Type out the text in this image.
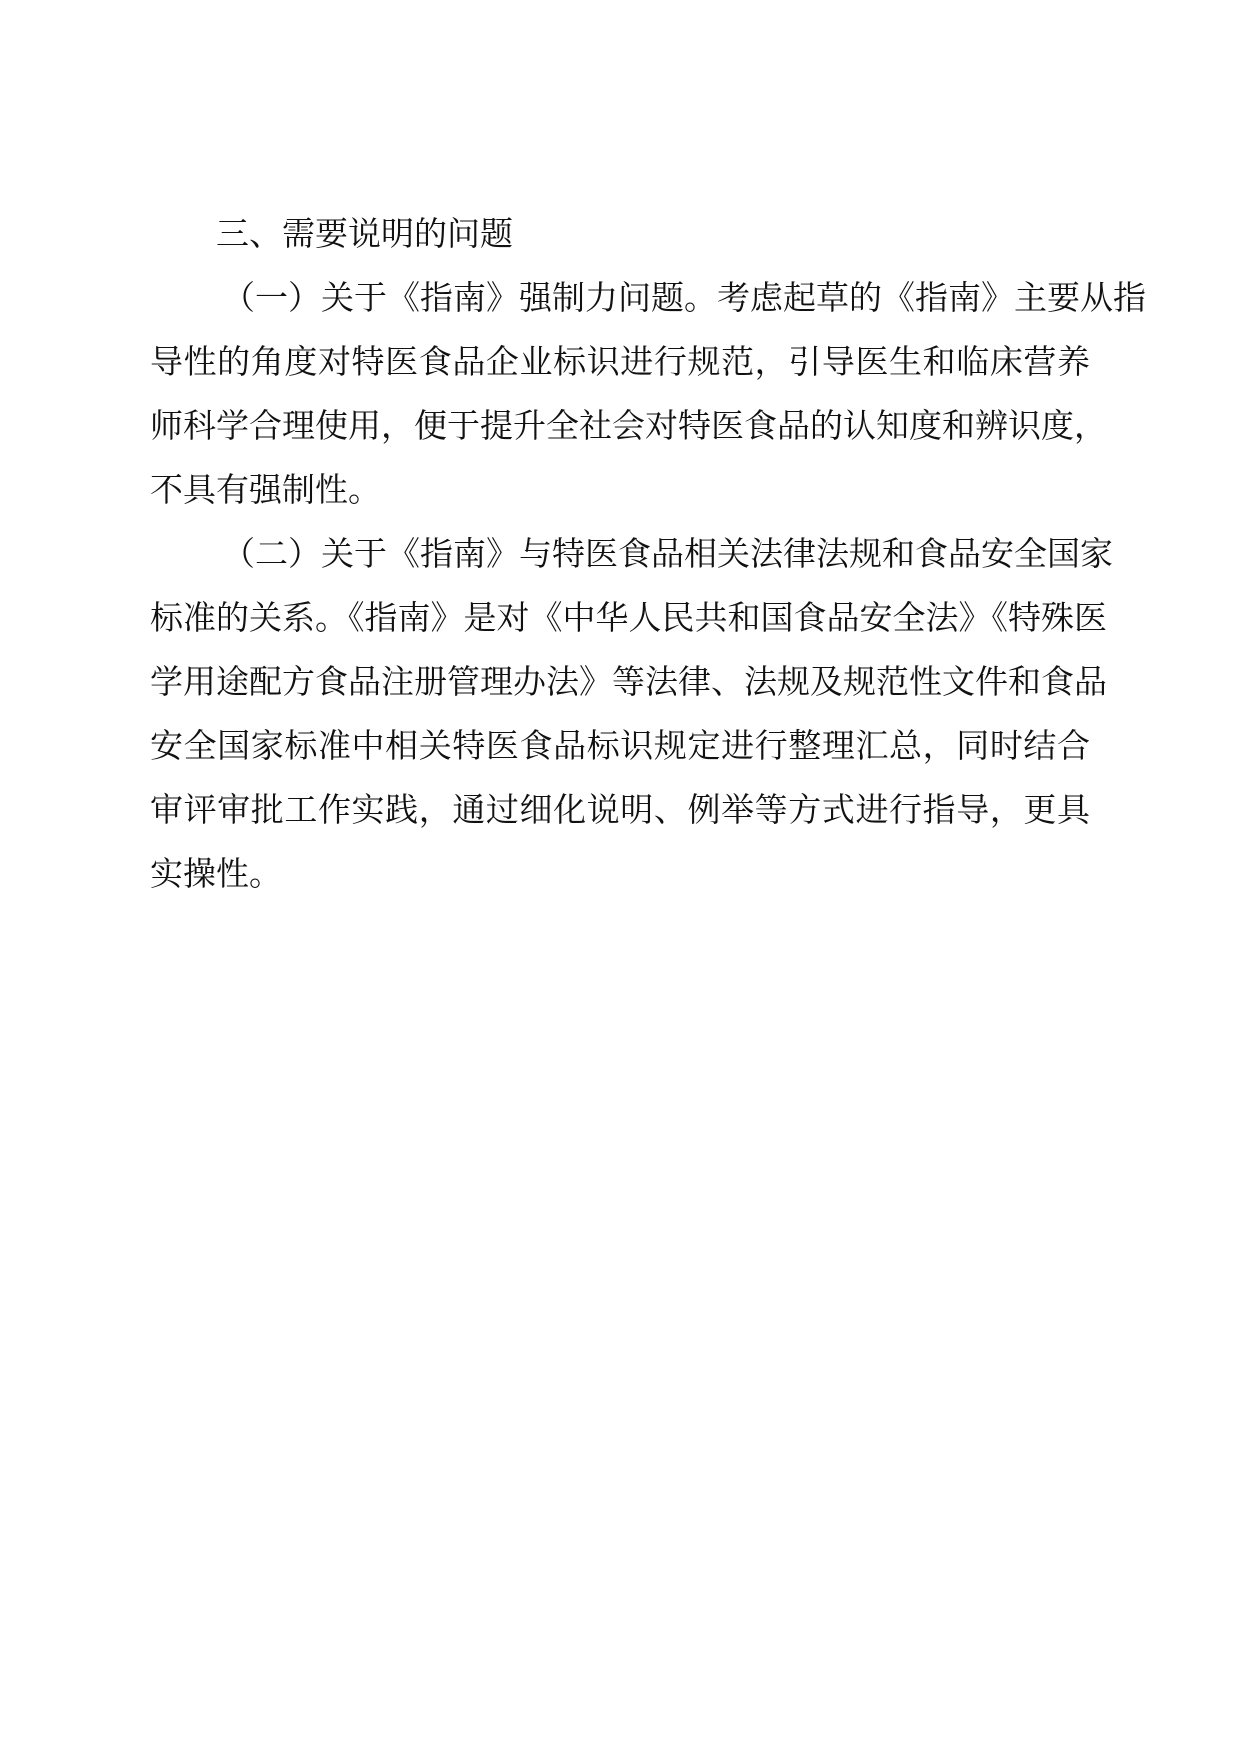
三、需要说明的问题
（一）关于《指南》强制力问题。考虑起草的《指南》主要从指
导性的角度对特医食品企业标识进行规范，引导医生和临床营养
师科学合理使用，便于提升全社会对特医食品的认知度和辨识度，
不具有强制性。
（二）关于《指南》与特医食品相关法律法规和食品安全国家
标准的关系。《指南》是对《中华人民共和国食品安全法》《特殊医
学用途配方食品注册管理办法》等法律、法规及规范性文件和食品
安全国家标准中相关特医食品标识规定进行整理汇总，同时结合
审评审批工作实践，通过细化说明、例举等方式进行指导，更具
实操性。
